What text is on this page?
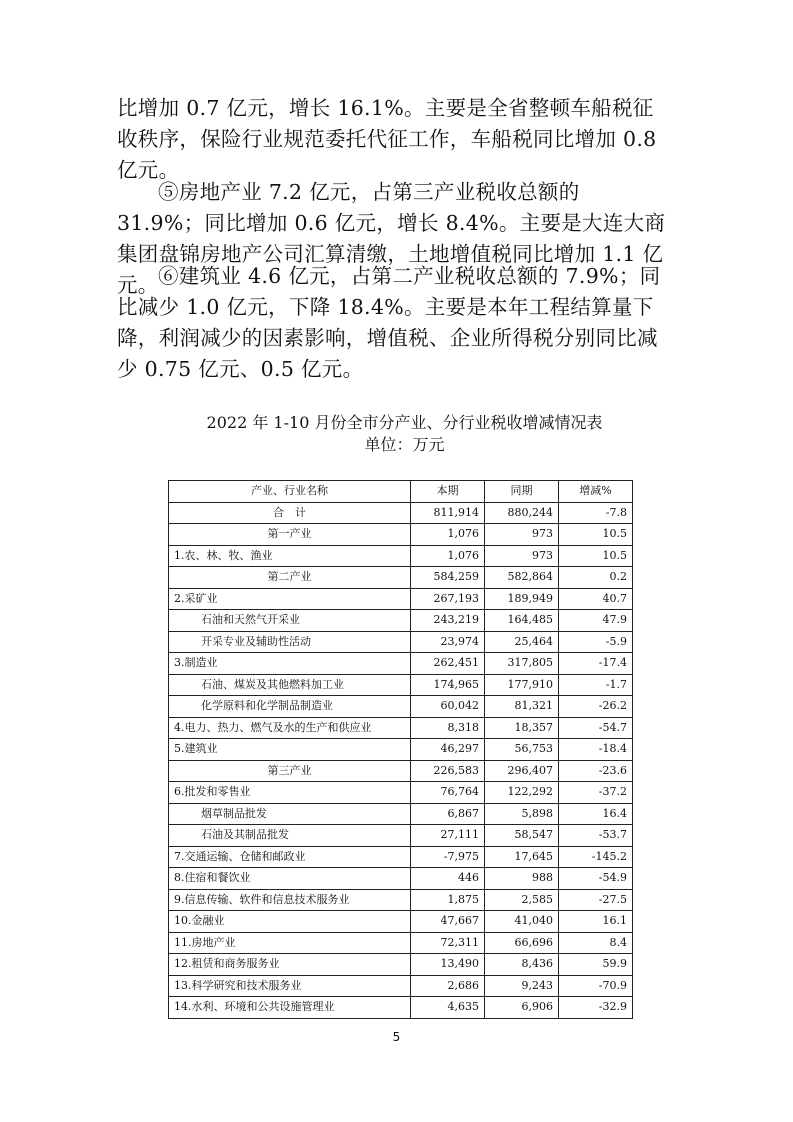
比增加 0.7 亿元，增长 16.1%。主要是全省整顿车船税征收秩序，保险行业规范委托代征工作，车船税同比增加 0.8 亿元。

⑤房地产业 7.2 亿元，占第三产业税收总额的 31.9%；同比增加 0.6 亿元，增长 8.4%。主要是大连大商集团盘锦房地产公司汇算清缴，土地增值税同比增加 1.1 亿元。 ⑥建筑业 4.6 亿元，占第二产业税收总额的 7.9%；同比减少 1.0 亿元，下降 18.4%。主要是本年工程结算量下降，利润减少的因素影响，增值税、企业所得税分别同比减少 0.75 亿元、0.5 亿元。

2022 年 1-10 月份全市分产业、分行业税收增减情况表
单位：万元
产业、行业名称	本期	同期	增减%
合　计	811,914	880,244	-7.8
第一产业	1,076	973	10.5
1.农、林、牧、渔业	1,076	973	10.5
第二产业	584,259	582,864	0.2
2.采矿业	267,193	189,949	40.7
石油和天然气开采业	243,219	164,485	47.9
开采专业及辅助性活动	23,974	25,464	-5.9
3.制造业	262,451	317,805	-17.4
石油、煤炭及其他燃料加工业	174,965	177,910	-1.7
化学原料和化学制品制造业	60,042	81,321	-26.2
4.电力、热力、燃气及水的生产和供应业	8,318	18,357	-54.7
5.建筑业	46,297	56,753	-18.4
第三产业	226,583	296,407	-23.6
6.批发和零售业	76,764	122,292	-37.2
烟草制品批发	6,867	5,898	16.4
石油及其制品批发	27,111	58,547	-53.7
7.交通运输、仓储和邮政业	-7,975	17,645	-145.2
8.住宿和餐饮业	446	988	-54.9
9.信息传输、软件和信息技术服务业	1,875	2,585	-27.5
10.金融业	47,667	41,040	16.1
11.房地产业	72,311	66,696	8.4
12.租赁和商务服务业	13,490	8,436	59.9
13.科学研究和技术服务业	2,686	9,243	-70.9
14.水利、环境和公共设施管理业	4,635	6,906	-32.9
5
